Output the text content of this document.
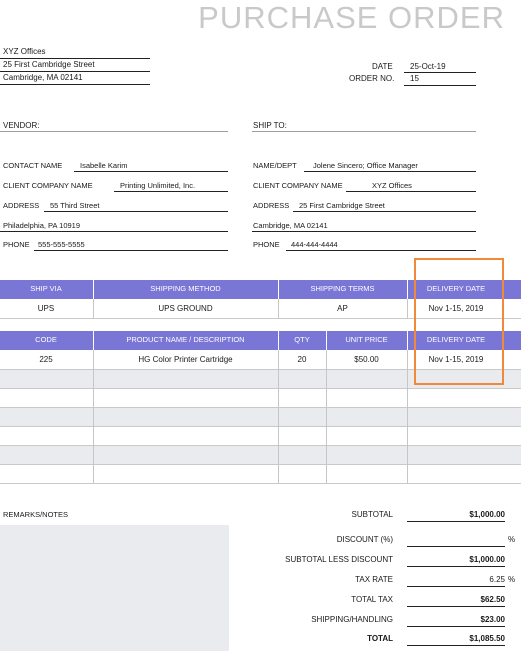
PURCHASE ORDER
XYZ Offices
25 First Cambridge Street
Cambridge, MA 02141
DATE 25-Oct-19
ORDER NO. 15
VENDOR:	SHIP TO:
CONTACT NAME Isabelle Karim
CLIENT COMPANY NAME	Printing Unlimited, Inc.
ADDRESS 55 Third Street
Philadelphia, PA 10919
PHONE 555-555-5555
NAME/DEPT Jolene Sincero; Office Manager
CLIENT COMPANY NAME	XYZ Offices
ADDRESS 25 First Cambridge Street
Cambridge, MA 02141
PHONE 444-444-4444
SHIP VIA	SHIPPING METHOD	SHIPPING TERMS	DELIVERY DATE
UPS	UPS GROUND	AP	Nov 1-15, 2019
CODE	PRODUCT NAME / DESCRIPTION	QTY	UNIT PRICE	DELIVERY DATE
225	HG Color Printer Cartridge	20	$50.00	Nov 1-15, 2019
REMARKS/NOTES	SUBTOTAL	$1,000.00
DISCOUNT (%)	%
SUBTOTAL LESS DISCOUNT	$1,000.00
TAX RATE	6.25 %
TOTAL TAX	$62.50
SHIPPING/HANDLING	$23.00
TOTAL	$1,085.50
